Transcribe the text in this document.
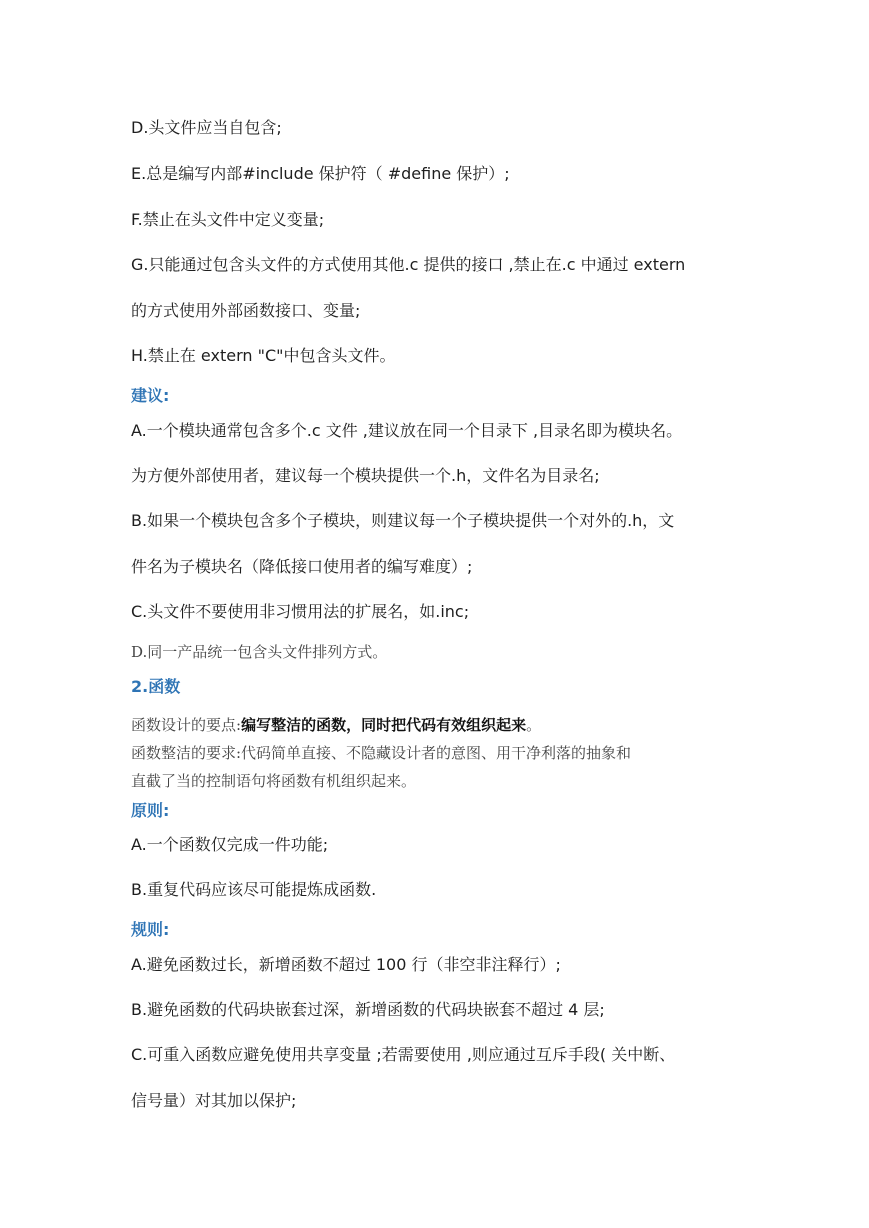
D.头文件应当自包含;
E.总是编写内部#include 保护符（ #define 保护）;
F.禁止在头文件中定义变量;
G.只能通过包含头文件的方式使用其他.c 提供的接口 ,禁止在.c 中通过 extern
的方式使用外部函数接口、变量;
H.禁止在 extern "C"中包含头文件。
建议:
A.一个模块通常包含多个.c 文件 ,建议放在同一个目录下 ,目录名即为模块名。
为方便外部使用者，建议每一个模块提供一个.h，文件名为目录名;
B.如果一个模块包含多个子模块，则建议每一个子模块提供一个对外的.h，文
件名为子模块名（降低接口使用者的编写难度）;
C.头文件不要使用非习惯用法的扩展名，如.inc;
D.同一产品统一包含头文件排列方式。
2.函数
函数设计的要点:编写整洁的函数，同时把代码有效组织起来。
函数整洁的要求:代码简单直接、不隐藏设计者的意图、用干净利落的抽象和
直截了当的控制语句将函数有机组织起来。
原则:
A.一个函数仅完成一件功能;
B.重复代码应该尽可能提炼成函数.
规则:
A.避免函数过长，新增函数不超过 100 行（非空非注释行）;
B.避免函数的代码块嵌套过深，新增函数的代码块嵌套不超过 4 层;
C.可重入函数应避免使用共享变量 ;若需要使用 ,则应通过互斥手段( 关中断、
信号量）对其加以保护;
